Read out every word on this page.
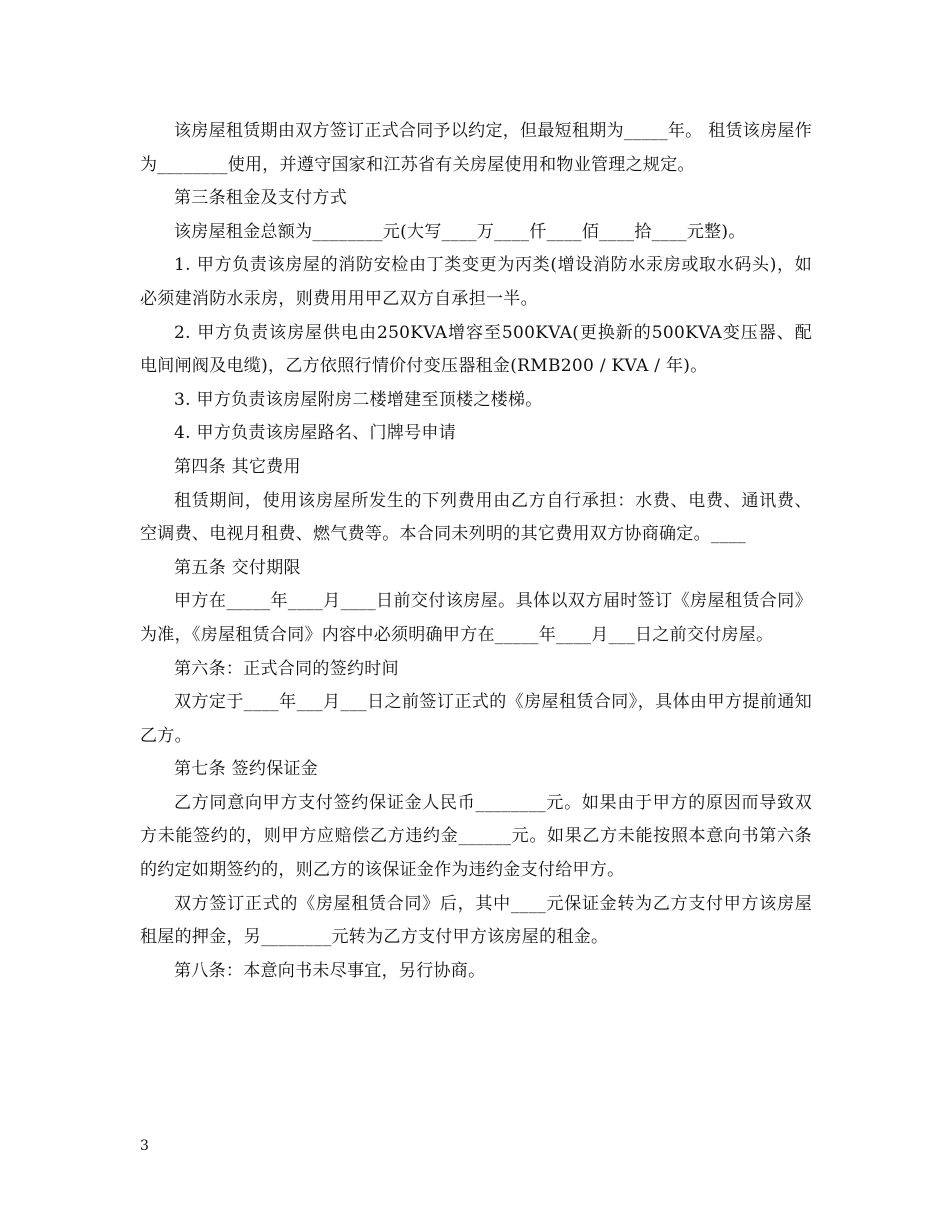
该房屋租赁期由双方签订正式合同予以约定，但最短租期为_____年。 租赁该房屋作为________使用，并遵守国家和江苏省有关房屋使用和物业管理之规定。

第三条租金及支付方式

该房屋租金总额为________元(大写____万____仟____佰____拾____元整)。

1. 甲方负责该房屋的消防安检由丁类变更为丙类(增设消防水汞房或取水码头)，如必须建消防水汞房，则费用用甲乙双方自承担一半。

2. 甲方负责该房屋供电由250KVA增容至500KVA(更换新的500KVA变压器、配电间闸阀及电缆)，乙方依照行情价付变压器租金(RMB200 / KVA / 年)。

3. 甲方负责该房屋附房二楼增建至顶楼之楼梯。

4. 甲方负责该房屋路名、门牌号申请

第四条 其它费用

租赁期间，使用该房屋所发生的下列费用由乙方自行承担：水费、电费、通讯费、空调费、电视月租费、燃气费等。本合同未列明的其它费用双方协商确定。____

第五条 交付期限

甲方在_____年____月____日前交付该房屋。具体以双方届时签订《房屋租赁合同》为准，《房屋租赁合同》内容中必须明确甲方在_____年____月___日之前交付房屋。

第六条：正式合同的签约时间

双方定于____年___月___日之前签订正式的《房屋租赁合同》，具体由甲方提前通知乙方。

第七条 签约保证金

乙方同意向甲方支付签约保证金人民币________元。如果由于甲方的原因而导致双方未能签约的，则甲方应赔偿乙方违约金______元。如果乙方未能按照本意向书第六条的约定如期签约的，则乙方的该保证金作为违约金支付给甲方。

双方签订正式的《房屋租赁合同》后，其中____元保证金转为乙方支付甲方该房屋租屋的押金，另________元转为乙方支付甲方该房屋的租金。

第八条：本意向书未尽事宜，另行协商。

3
